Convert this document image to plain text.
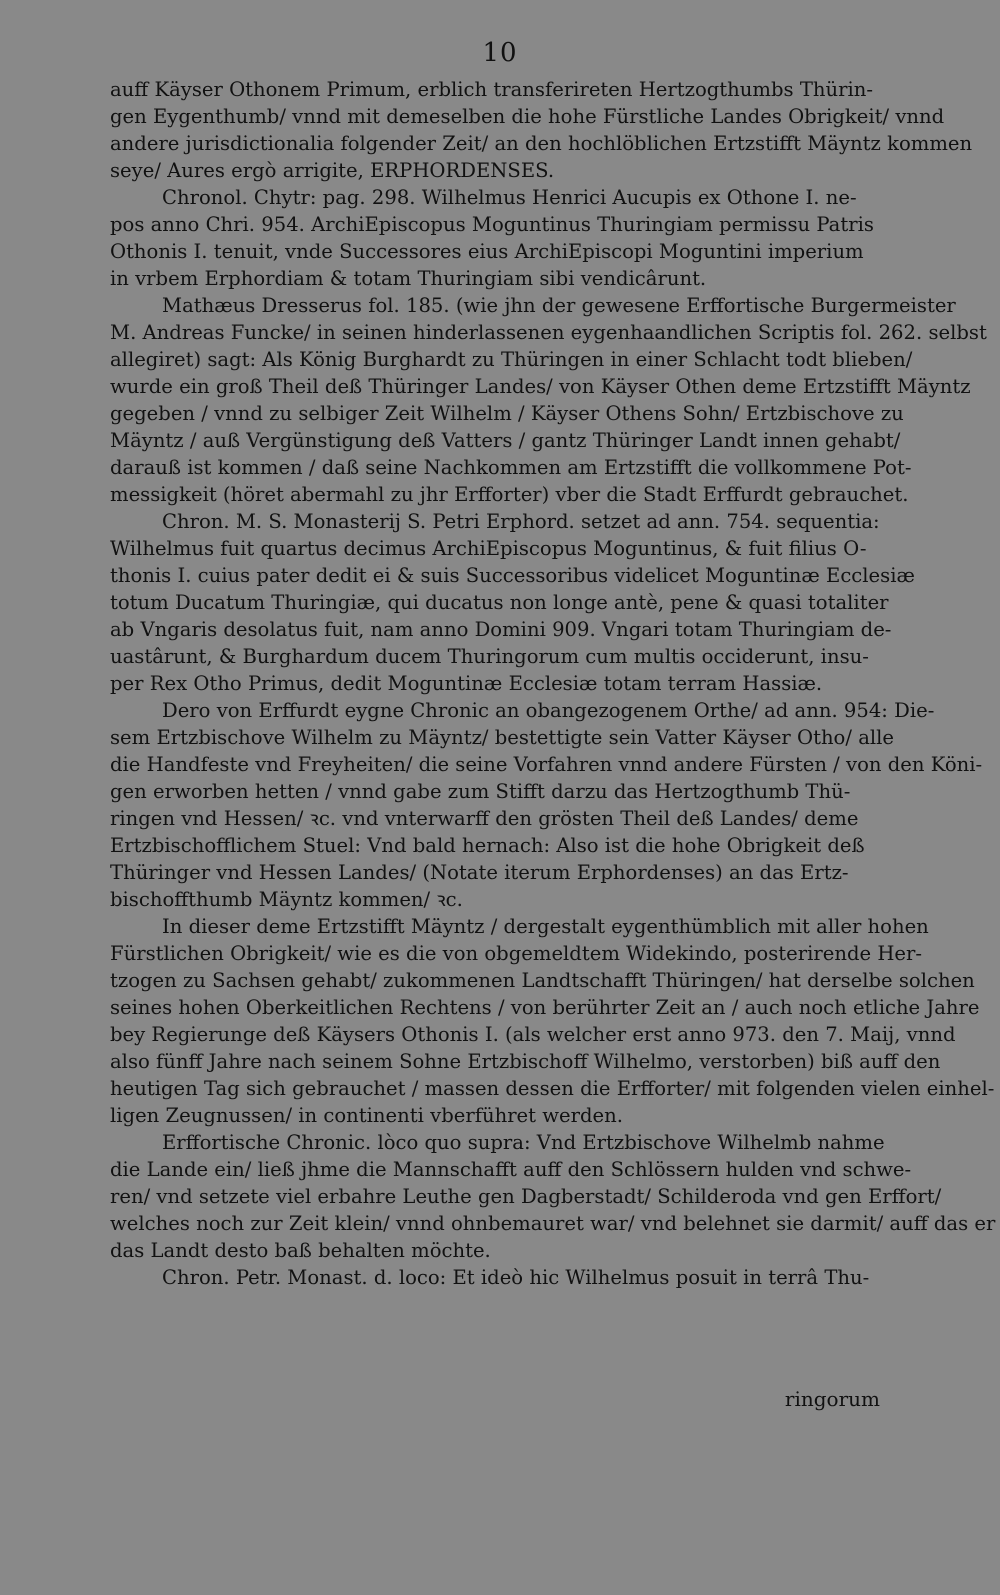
10

auff Käyser Othonem Primum, erblich transferireten Hertzogthumbs Thürin-
gen Eygenthumb/ vnnd mit demeselben die hohe Fürstliche Landes Obrigkeit/ vnnd
andere jurisdictionalia folgender Zeit/ an den hochlöblichen Ertzstifft Mäyntz kommen
seye/ Aures ergò arrigite, ERPHORDENSES.

Chronol. Chytr: pag. 298. Wilhelmus Henrici Aucupis ex Othone I. ne-
pos anno Chri. 954. ArchiEpiscopus Moguntinus Thuringiam permissu Patris
Othonis I. tenuit, vnde Successores eius ArchiEpiscopi Moguntini imperium
in vrbem Erphordiam & totam Thuringiam sibi vendicârunt.

Mathæus Dresserus fol. 185. (wie jhn der gewesene Erffortische Burgermeister
M. Andreas Funcke/ in seinen hinderlassenen eygenhaandlichen Scriptis fol. 262. selbst
allegiret) sagt: Als König Burghardt zu Thüringen in einer Schlacht todt blieben/
wurde ein groß Theil deß Thüringer Landes/ von Käyser Othen deme Ertzstifft Mäyntz
gegeben / vnnd zu selbiger Zeit Wilhelm / Käyser Othens Sohn/ Ertzbischove zu
Mäyntz / auß Vergünstigung deß Vatters / gantz Thüringer Landt innen gehabt/
darauß ist kommen / daß seine Nachkommen am Ertzstifft die vollkommene Pot-
messigkeit (höret abermahl zu jhr Erfforter) vber die Stadt Erffurdt gebrauchet.

Chron. M. S. Monasterij S. Petri Erphord. setzet ad ann. 754. sequentia:
Wilhelmus fuit quartus decimus ArchiEpiscopus Moguntinus, & fuit filius O-
thonis I. cuius pater dedit ei & suis Successoribus videlicet Moguntinæ Ecclesiæ
totum Ducatum Thuringiæ, qui ducatus non longe antè, pene & quasi totaliter
ab Vngaris desolatus fuit, nam anno Domini 909. Vngari totam Thuringiam de-
uastârunt, & Burghardum ducem Thuringorum cum multis occiderunt, insu-
per Rex Otho Primus, dedit Moguntinæ Ecclesiæ totam terram Hassiæ.

Dero von Erffurdt eygne Chronic an obangezogenem Orthe/ ad ann. 954: Die-
sem Ertzbischove Wilhelm zu Mäyntz/ bestettigte sein Vatter Käyser Otho/ alle
die Handfeste vnd Freyheiten/ die seine Vorfahren vnnd andere Fürsten / von den Köni-
gen erworben hetten / vnnd gabe zum Stifft darzu das Hertzogthumb Thü-
ringen vnd Hessen/ ꝛc. vnd vnterwarff den grösten Theil deß Landes/ deme
Ertzbischofflichem Stuel: Vnd bald hernach: Also ist die hohe Obrigkeit deß
Thüringer vnd Hessen Landes/ (Notate iterum Erphordenses) an das Ertz-
bischoffthumb Mäyntz kommen/ ꝛc.

In dieser deme Ertzstifft Mäyntz / dergestalt eygenthümblich mit aller hohen
Fürstlichen Obrigkeit/ wie es die von obgemeldtem Widekindo, posterirende Her-
tzogen zu Sachsen gehabt/ zukommenen Landtschafft Thüringen/ hat derselbe solchen
seines hohen Oberkeitlichen Rechtens / von berührter Zeit an / auch noch etliche Jahre
bey Regierunge deß Käysers Othonis I. (als welcher erst anno 973. den 7. Maij, vnnd
also fünff Jahre nach seinem Sohne Ertzbischoff Wilhelmo, verstorben) biß auff den
heutigen Tag sich gebrauchet / massen dessen die Erfforter/ mit folgenden vielen einhel-
ligen Zeugnussen/ in continenti vberführet werden.

Erffortische Chronic. lòco quo supra: Vnd Ertzbischove Wilhelmb nahme
die Lande ein/ ließ jhme die Mannschafft auff den Schlössern hulden vnd schwe-
ren/ vnd setzete viel erbahre Leuthe gen Dagberstadt/ Schilderoda vnd gen Erffort/
welches noch zur Zeit klein/ vnnd ohnbemauret war/ vnd belehnet sie darmit/ auff das er
das Landt desto baß behalten möchte.

Chron. Petr. Monast. d. loco: Et ideò hic Wilhelmus posuit in terrâ Thu-

ringorum
